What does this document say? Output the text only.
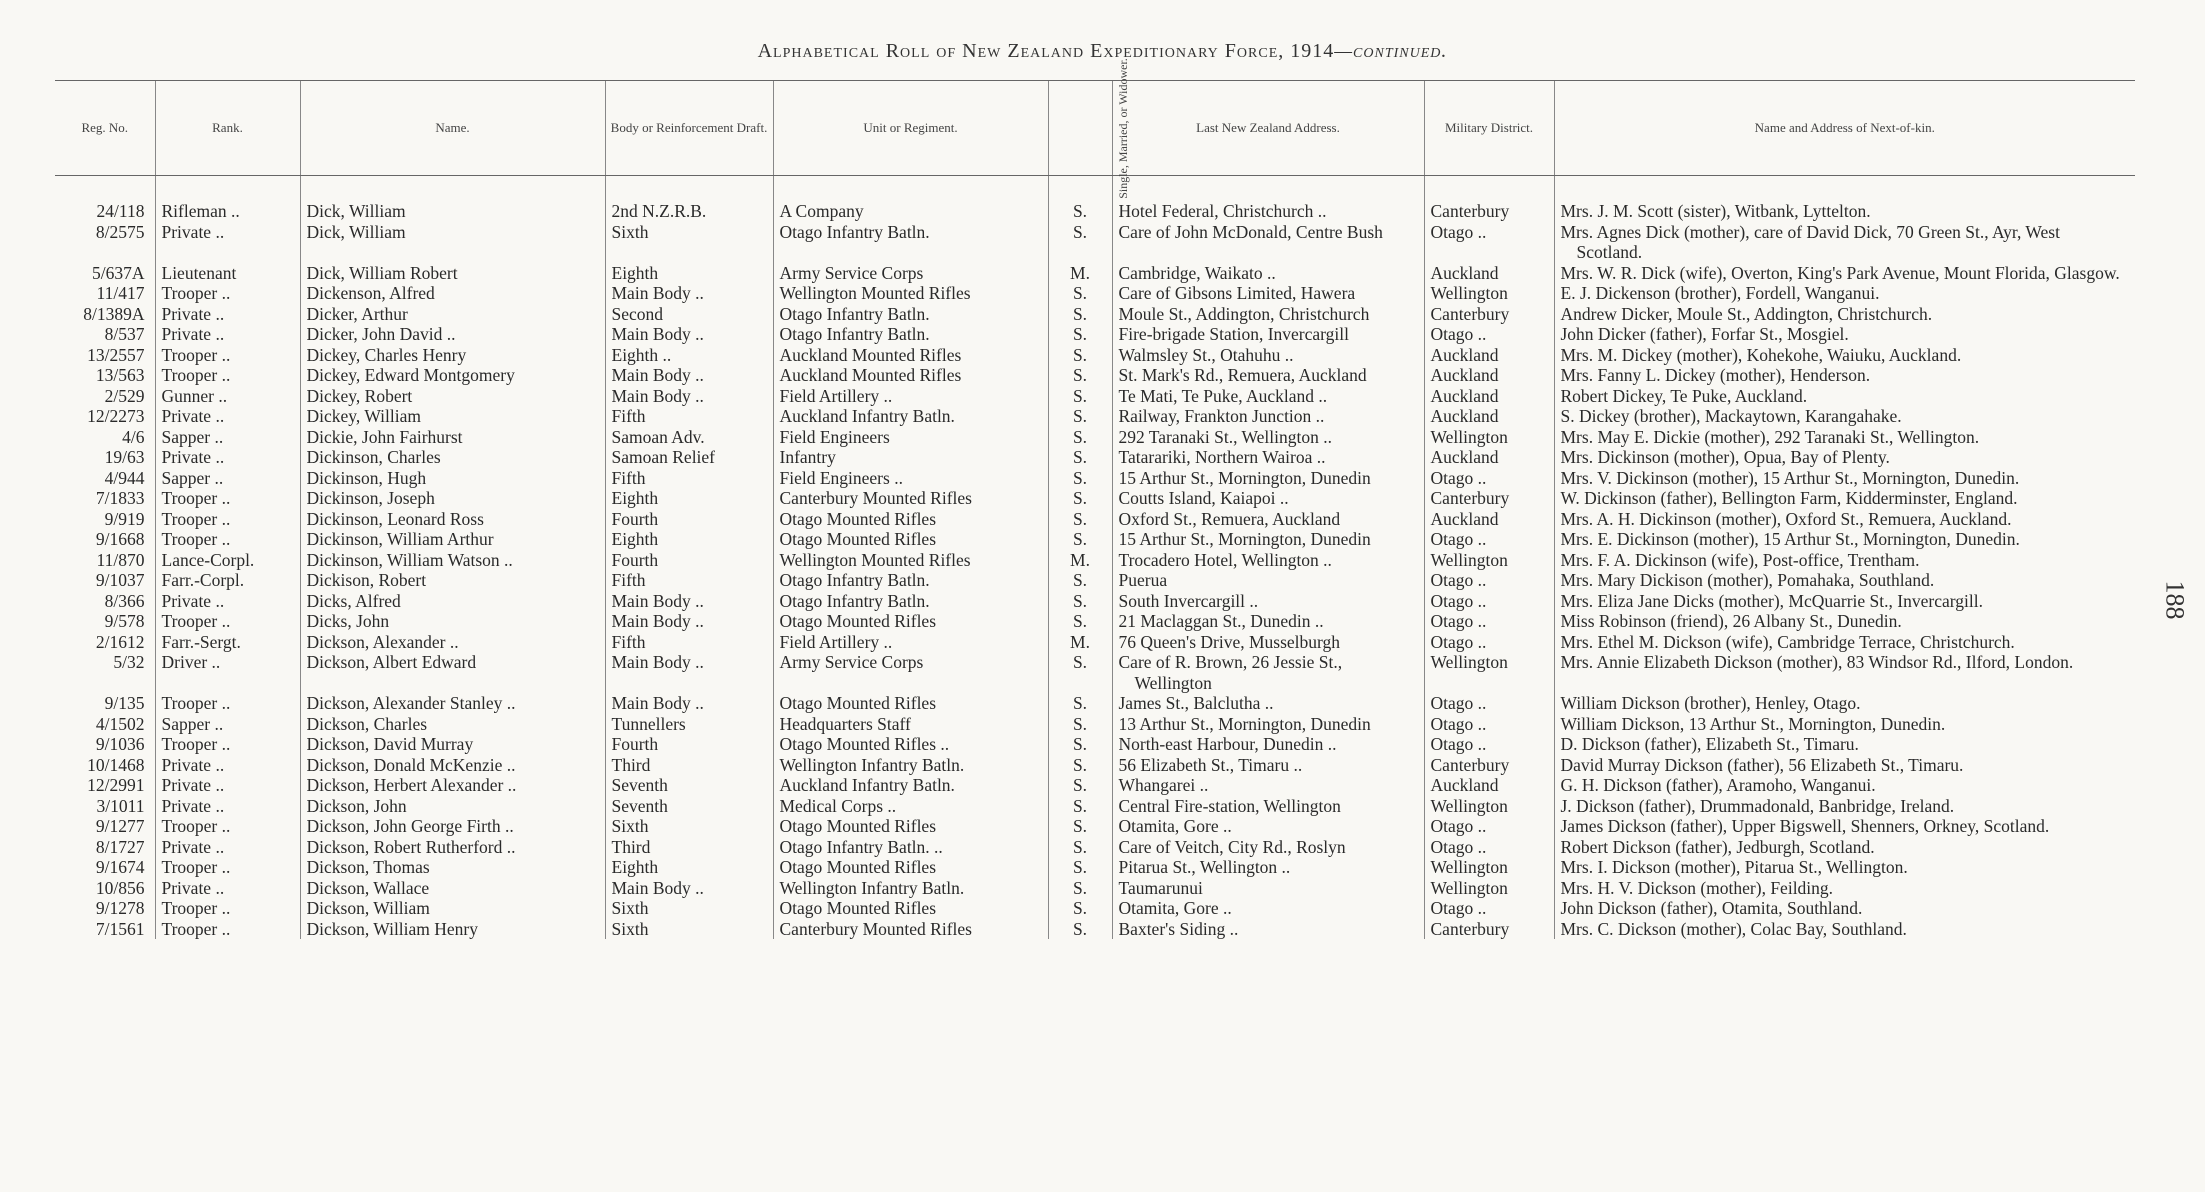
Alphabetical Roll of New Zealand Expeditionary Force, 1914—continued.
188
Reg. No.	Rank.	Name.	Body or Reinforcement Draft.	Unit or Regiment.	Single, Married, or Widower.	Last New Zealand Address.	Military District.	Name and Address of Next-of-kin.

24/118	Rifleman ..	Dick, William	2nd N.Z.R.B.	A Company	S.	Hotel Federal, Christchurch ..	Canterbury	Mrs. J. M. Scott (sister), Witbank, Lyttelton.
8/2575	Private ..	Dick, William	Sixth	Otago Infantry Batln.	S.	Care of John McDonald, Centre Bush	Otago ..	Mrs. Agnes Dick (mother), care of David Dick, 70 Green St., Ayr, West Scotland.
5/637A	Lieutenant	Dick, William Robert	Eighth	Army Service Corps	M.	Cambridge, Waikato ..	Auckland	Mrs. W. R. Dick (wife), Overton, King's Park Avenue, Mount Florida, Glasgow.
11/417	Trooper ..	Dickenson, Alfred	Main Body ..	Wellington Mounted Rifles	S.	Care of Gibsons Limited, Hawera	Wellington	E. J. Dickenson (brother), Fordell, Wanganui.
8/1389A	Private ..	Dicker, Arthur	Second	Otago Infantry Batln.	S.	Moule St., Addington, Christchurch	Canterbury	Andrew Dicker, Moule St., Addington, Christchurch.
8/537	Private ..	Dicker, John David ..	Main Body ..	Otago Infantry Batln.	S.	Fire-brigade Station, Invercargill	Otago ..	John Dicker (father), Forfar St., Mosgiel.
13/2557	Trooper ..	Dickey, Charles Henry	Eighth ..	Auckland Mounted Rifles	S.	Walmsley St., Otahuhu ..	Auckland	Mrs. M. Dickey (mother), Kohekohe, Waiuku, Auckland.
13/563	Trooper ..	Dickey, Edward Montgomery	Main Body ..	Auckland Mounted Rifles	S.	St. Mark's Rd., Remuera, Auckland	Auckland	Mrs. Fanny L. Dickey (mother), Henderson.
2/529	Gunner ..	Dickey, Robert	Main Body ..	Field Artillery ..	S.	Te Mati, Te Puke, Auckland ..	Auckland	Robert Dickey, Te Puke, Auckland.
12/2273	Private ..	Dickey, William	Fifth	Auckland Infantry Batln.	S.	Railway, Frankton Junction ..	Auckland	S. Dickey (brother), Mackaytown, Karangahake.
4/6	Sapper ..	Dickie, John Fairhurst	Samoan Adv.	Field Engineers	S.	292 Taranaki St., Wellington ..	Wellington	Mrs. May E. Dickie (mother), 292 Taranaki St., Wellington.
19/63	Private ..	Dickinson, Charles	Samoan Relief	Infantry	S.	Tatarariki, Northern Wairoa ..	Auckland	Mrs. Dickinson (mother), Opua, Bay of Plenty.
4/944	Sapper ..	Dickinson, Hugh	Fifth	Field Engineers ..	S.	15 Arthur St., Mornington, Dunedin	Otago ..	Mrs. V. Dickinson (mother), 15 Arthur St., Mornington, Dunedin.
7/1833	Trooper ..	Dickinson, Joseph	Eighth	Canterbury Mounted Rifles	S.	Coutts Island, Kaiapoi ..	Canterbury	W. Dickinson (father), Bellington Farm, Kidderminster, England.
9/919	Trooper ..	Dickinson, Leonard Ross	Fourth	Otago Mounted Rifles	S.	Oxford St., Remuera, Auckland	Auckland	Mrs. A. H. Dickinson (mother), Oxford St., Remuera, Auckland.
9/1668	Trooper ..	Dickinson, William Arthur	Eighth	Otago Mounted Rifles	S.	15 Arthur St., Mornington, Dunedin	Otago ..	Mrs. E. Dickinson (mother), 15 Arthur St., Mornington, Dunedin.
11/870	Lance-Corpl.	Dickinson, William Watson ..	Fourth	Wellington Mounted Rifles	M.	Trocadero Hotel, Wellington ..	Wellington	Mrs. F. A. Dickinson (wife), Post-office, Trentham.
9/1037	Farr.-Corpl.	Dickison, Robert	Fifth	Otago Infantry Batln.	S.	Puerua	Otago ..	Mrs. Mary Dickison (mother), Pomahaka, Southland.
8/366	Private ..	Dicks, Alfred	Main Body ..	Otago Infantry Batln.	S.	South Invercargill ..	Otago ..	Mrs. Eliza Jane Dicks (mother), McQuarrie St., Invercargill.
9/578	Trooper ..	Dicks, John	Main Body ..	Otago Mounted Rifles	S.	21 Maclaggan St., Dunedin ..	Otago ..	Miss Robinson (friend), 26 Albany St., Dunedin.
2/1612	Farr.-Sergt.	Dickson, Alexander ..	Fifth	Field Artillery ..	M.	76 Queen's Drive, Musselburgh	Otago ..	Mrs. Ethel M. Dickson (wife), Cambridge Terrace, Christchurch.
5/32	Driver ..	Dickson, Albert Edward	Main Body ..	Army Service Corps	S.	Care of R. Brown, 26 Jessie St., Wellington	Wellington	Mrs. Annie Elizabeth Dickson (mother), 83 Windsor Rd., Ilford, London.
9/135	Trooper ..	Dickson, Alexander Stanley ..	Main Body ..	Otago Mounted Rifles	S.	James St., Balclutha ..	Otago ..	William Dickson (brother), Henley, Otago.
4/1502	Sapper ..	Dickson, Charles	Tunnellers	Headquarters Staff	S.	13 Arthur St., Mornington, Dunedin	Otago ..	William Dickson, 13 Arthur St., Mornington, Dunedin.
9/1036	Trooper ..	Dickson, David Murray	Fourth	Otago Mounted Rifles ..	S.	North-east Harbour, Dunedin ..	Otago ..	D. Dickson (father), Elizabeth St., Timaru.
10/1468	Private ..	Dickson, Donald McKenzie ..	Third	Wellington Infantry Batln.	S.	56 Elizabeth St., Timaru ..	Canterbury	David Murray Dickson (father), 56 Elizabeth St., Timaru.
12/2991	Private ..	Dickson, Herbert Alexander ..	Seventh	Auckland Infantry Batln.	S.	Whangarei ..	Auckland	G. H. Dickson (father), Aramoho, Wanganui.
3/1011	Private ..	Dickson, John	Seventh	Medical Corps ..	S.	Central Fire-station, Wellington	Wellington	J. Dickson (father), Drummadonald, Banbridge, Ireland.
9/1277	Trooper ..	Dickson, John George Firth ..	Sixth	Otago Mounted Rifles	S.	Otamita, Gore ..	Otago ..	James Dickson (father), Upper Bigswell, Shenners, Orkney, Scotland.
8/1727	Private ..	Dickson, Robert Rutherford ..	Third	Otago Infantry Batln. ..	S.	Care of Veitch, City Rd., Roslyn	Otago ..	Robert Dickson (father), Jedburgh, Scotland.
9/1674	Trooper ..	Dickson, Thomas	Eighth	Otago Mounted Rifles	S.	Pitarua St., Wellington ..	Wellington	Mrs. I. Dickson (mother), Pitarua St., Wellington.
10/856	Private ..	Dickson, Wallace	Main Body ..	Wellington Infantry Batln.	S.	Taumarunui	Wellington	Mrs. H. V. Dickson (mother), Feilding.
9/1278	Trooper ..	Dickson, William	Sixth	Otago Mounted Rifles	S.	Otamita, Gore ..	Otago ..	John Dickson (father), Otamita, Southland.
7/1561	Trooper ..	Dickson, William Henry	Sixth	Canterbury Mounted Rifles	S.	Baxter's Siding ..	Canterbury	Mrs. C. Dickson (mother), Colac Bay, Southland.
